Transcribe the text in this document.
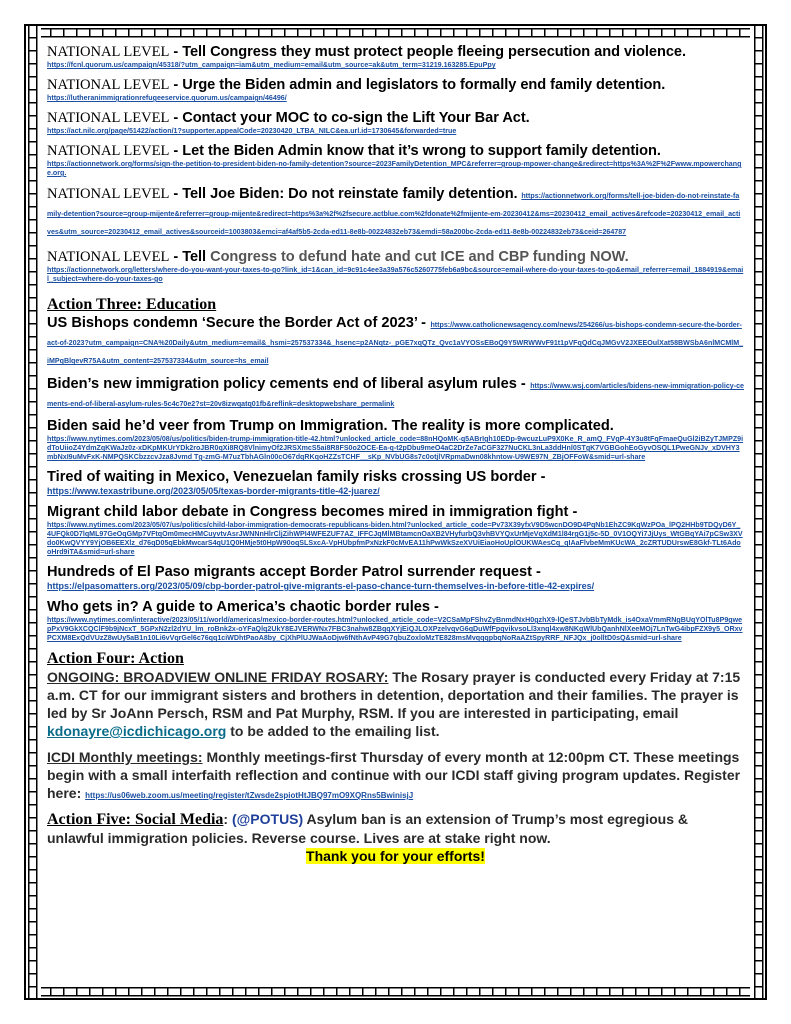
NATIONAL LEVEL - Tell Congress they must protect people fleeing persecution and violence.
https://fcnl.quorum.us/campaign/45318/?utm_campaign=iam&utm_medium=email&utm_source=ak&utm_term=31219.163285.EpuPpy
NATIONAL LEVEL - Urge the Biden admin and legislators to formally end family detention.
https://lutheranimmigrationrefugeeservice.quorum.us/campaign/46496/
NATIONAL LEVEL - Contact your MOC to co-sign the Lift Your Bar Act.
https://act.nilc.org/page/51422/action/1?supporter.appealCode=20230420_LTBA_NILC&ea.url.id=1730645&forwarded=true
NATIONAL LEVEL - Let the Biden Admin know that it’s wrong to support family detention.
https://actionnetwork.org/forms/sign-the-petition-to-president-biden-no-family-detention?source=2023FamilyDetention_MPC&referrer=group-mpower-change&redirect=https%3A%2F%2Fwww.mpowerchange.org.
NATIONAL LEVEL - Tell Joe Biden: Do not reinstate family detention. https://actionnetwork.org/forms/tell-joe-biden-do-not-reinstate-family-detention?source=group-mijente&referrer=group-mijente&redirect=https%3a%2f%2fsecure.actblue.com%2fdonate%2fmijente-em-20230412&ms=20230412_email_actives&refcode=20230412_email_actives&utm_source=20230412_email_actives&sourceid=1003803&emci=af4af5b5-2cda-ed11-8e8b-00224832eb73&emdi=58a200bc-2cda-ed11-8e8b-00224832eb73&ceid=264787
NATIONAL LEVEL - Tell Congress to defund hate and cut ICE and CBP funding NOW.
https://actionnetwork.org/letters/where-do-you-want-your-taxes-to-go?link_id=1&can_id=9c91c4ee3a39a576c5260775feb6a9bc&source=email-where-do-your-taxes-to-go&email_referrer=email_1884919&email_subject=where-do-your-taxes-go
Action Three: Education
US Bishops condemn ‘Secure the Border Act of 2023’ - https://www.catholicnewsagency.com/news/254266/us-bishops-condemn-secure-the-border-act-of-2023?utm_campaign=CNA%20Daily&utm_medium=email&_hsmi=257537334&_hsenc=p2ANqtz-_pGE7xqQTz_Qvc1aVYOSsEBoQ9Y5WRWWvF91t1pVFqQdCqJMGvV2JXEEOulXat58BWSbA6nlMCMlM_iMPqBlqevR75A&utm_content=257537334&utm_source=hs_email
Biden’s new immigration policy cements end of liberal asylum rules - https://www.wsj.com/articles/bidens-new-immigration-policy-cements-end-of-liberal-asylum-rules-5c4c70e2?st=20v8izwqatq01fb&reflink=desktopwebshare_permalink
Biden said he’d veer from Trump on Immigration. The reality is more complicated.
https://www.nytimes.com/2023/05/08/us/politics/biden-trump-immigration-title-42.html?unlocked_article_code=88nHQoMK-q5ABrIgh10EDp-9wcuzLuP9X0Ke_R_amQ_FVgP-4Y3u8tFqFmaeQuGl2iBZyTJMPZ9idToUiioZ4YdmZqKWaJz0z-xDKpMKUrYDk2roJBR0qXi8RQ8VlnimyOf2JRSXmcS5ai8R8FS0o2OCE-Ea-q-t2pDbu9meO4aC2DrZe7aCGF327NuCKL3nLa3ddHnl0STgK7VGBGohEoGyvOSQL1PweGNJv_xDVHY3mbNxI9uMvFxK-NMPQSKCbzzcvJza8Jvmd Tg-zmG-M7uzTbhAGln00cO67dqRKqoHZZsTCHF__sKp_NVbUG8s7c0otjlVRpmaDwn08khntow-U9WE97N_ZBjOFFoW&smid=url-share
Tired of waiting in Mexico, Venezuelan family risks crossing US border -
https://www.texastribune.org/2023/05/05/texas-border-migrants-title-42-juarez/
Migrant child labor debate in Congress becomes mired in immigration fight -
https://www.nytimes.com/2023/05/07/us/politics/child-labor-immigration-democrats-republicans-biden.html?unlocked_article_code=Pv73X39yfxV9D5wcnDO9D4PqNb1EhZC9KqWzPOa_lPQ2HHb9TDQyD6Y_4UFQk0D7lqML97GeOqGMp7VFtqOm0mecHMCuyvtvAsrJWNNnHlrCljZihWPI4WFEZUF7AZ_IFFCJqMlMBtamcnOaXB2VHyfurbQ3vhBVYQxUrMjeVqXdM1l84rgG1j5c-5D_0V1OQYi7JjUys_WtGBqYAi7pCSw3XVdo0KwQVYY9YjOB6EEXlz_d76qD05qEbkMwcarS4qU1Q0HMje5t0HpW90oqSLSxcA-VpHUbpfmPxNzkF0cMvEA11hPwWkSzeXVUiEiaoHoUplOUKWAesCq_qIAaFlvbeMmKUcWA_2cZRTUDUrswE8Gkf-TLt6AdooHrd9iTA&smid=url-share
Hundreds of El Paso migrants accept Border Patrol surrender request -
https://elpasomatters.org/2023/05/09/cbp-border-patrol-give-migrants-el-paso-chance-turn-themselves-in-before-title-42-expires/
Who gets in? A guide to America’s chaotic border rules -
https://www.nytimes.com/interactive/2023/05/11/world/americas/mexico-border-routes.html?unlocked_article_code=V2CSaMpFShvZyBnmdNxH0gzhX9-lQeSTJvbBbTyMdk_is4OxaVmmRNgBUqYOlTu8P9gwepPxV9GkXCQClF9b9jNcxT_5GPxN2zl2dYU_lm_roBnk2x-oYFaQlq2UkY8EJVERWNx7FBC3nahw8ZBqqXYjEiQJLOXPzelvqvG6qDuWfFpqvikvsoLl3xnql4xw8NKqWlUbQanhNlXeeMOj7LnTwG4ibpFZX9y5_ORxvPCXM8ExQdVUzZ8wUy5aB1n10Li6vVqrGel6c76qq1ciWDhtPaoA8by_CjXhPlUJWaAoDjw6fNthAvP49G7qbuZoxloMzTE828msMvqqqpbqNoRaAZtSpyRRF_NFJQx_j0olltD0sQ&smid=url-share
Action Four: Action
ONGOING: BROADVIEW ONLINE FRIDAY ROSARY: The Rosary prayer is conducted every Friday at 7:15 a.m. CT for our immigrant sisters and brothers in detention, deportation and their families. The prayer is led by Sr JoAnn Persch, RSM and Pat Murphy, RSM. If you are interested in participating, email kdonayre@icdichicago.org to be added to the emailing list.
ICDI Monthly meetings: Monthly meetings-first Thursday of every month at 12:00pm CT. These meetings begin with a small interfaith reflection and continue with our ICDI staff giving program updates. Register here: https://us06web.zoom.us/meeting/register/tZwsde2spiotHtJBQ97mO9XQRns5BwinisjJ
Action Five: Social Media: (@POTUS) Asylum ban is an extension of Trump’s most egregious & unlawful immigration policies. Reverse course. Lives are at stake right now.
Thank you for your efforts!
